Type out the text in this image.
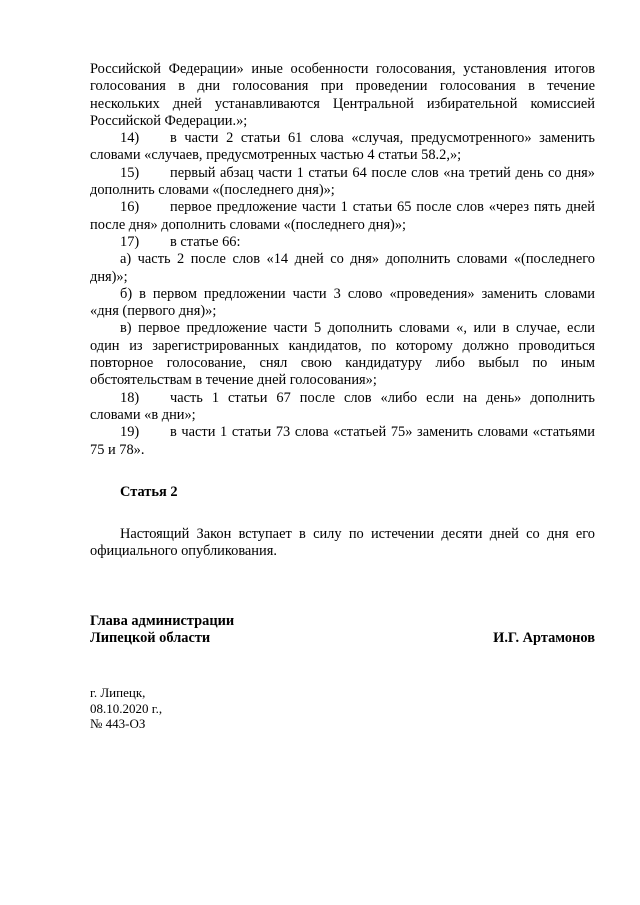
Российской Федерации» иные особенности голосования, установления итогов голосования в дни голосования при проведении голосования в течение нескольких дней устанавливаются Центральной избирательной комиссией Российской Федерации.»;

14) в части 2 статьи 61 слова «случая, предусмотренного» заменить словами «случаев, предусмотренных частью 4 статьи 58.2,»;

15) первый абзац части 1 статьи 64 после слов «на третий день со дня» дополнить словами «(последнего дня)»;

16) первое предложение части 1 статьи 65 после слов «через пять дней после дня» дополнить словами «(последнего дня)»;

17) в статье 66:

а) часть 2 после слов «14 дней со дня» дополнить словами «(последнего дня)»;

б) в первом предложении части 3 слово «проведения» заменить словами «дня (первого дня)»;

в) первое предложение части 5 дополнить словами «, или в случае, если один из зарегистрированных кандидатов, по которому должно проводиться повторное голосование, снял свою кандидатуру либо выбыл по иным обстоятельствам в течение дней голосования»;

18) часть 1 статьи 67 после слов «либо если на день» дополнить словами «в дни»;

19) в части 1 статьи 73 слова «статьей 75» заменить словами «статьями 75 и 78».

Статья 2

Настоящий Закон вступает в силу по истечении десяти дней со дня его официального опубликования.

Глава администрации
Липецкой области	И.Г. Артамонов
г. Липецк,
08.10.2020 г.,
№ 443-ОЗ
